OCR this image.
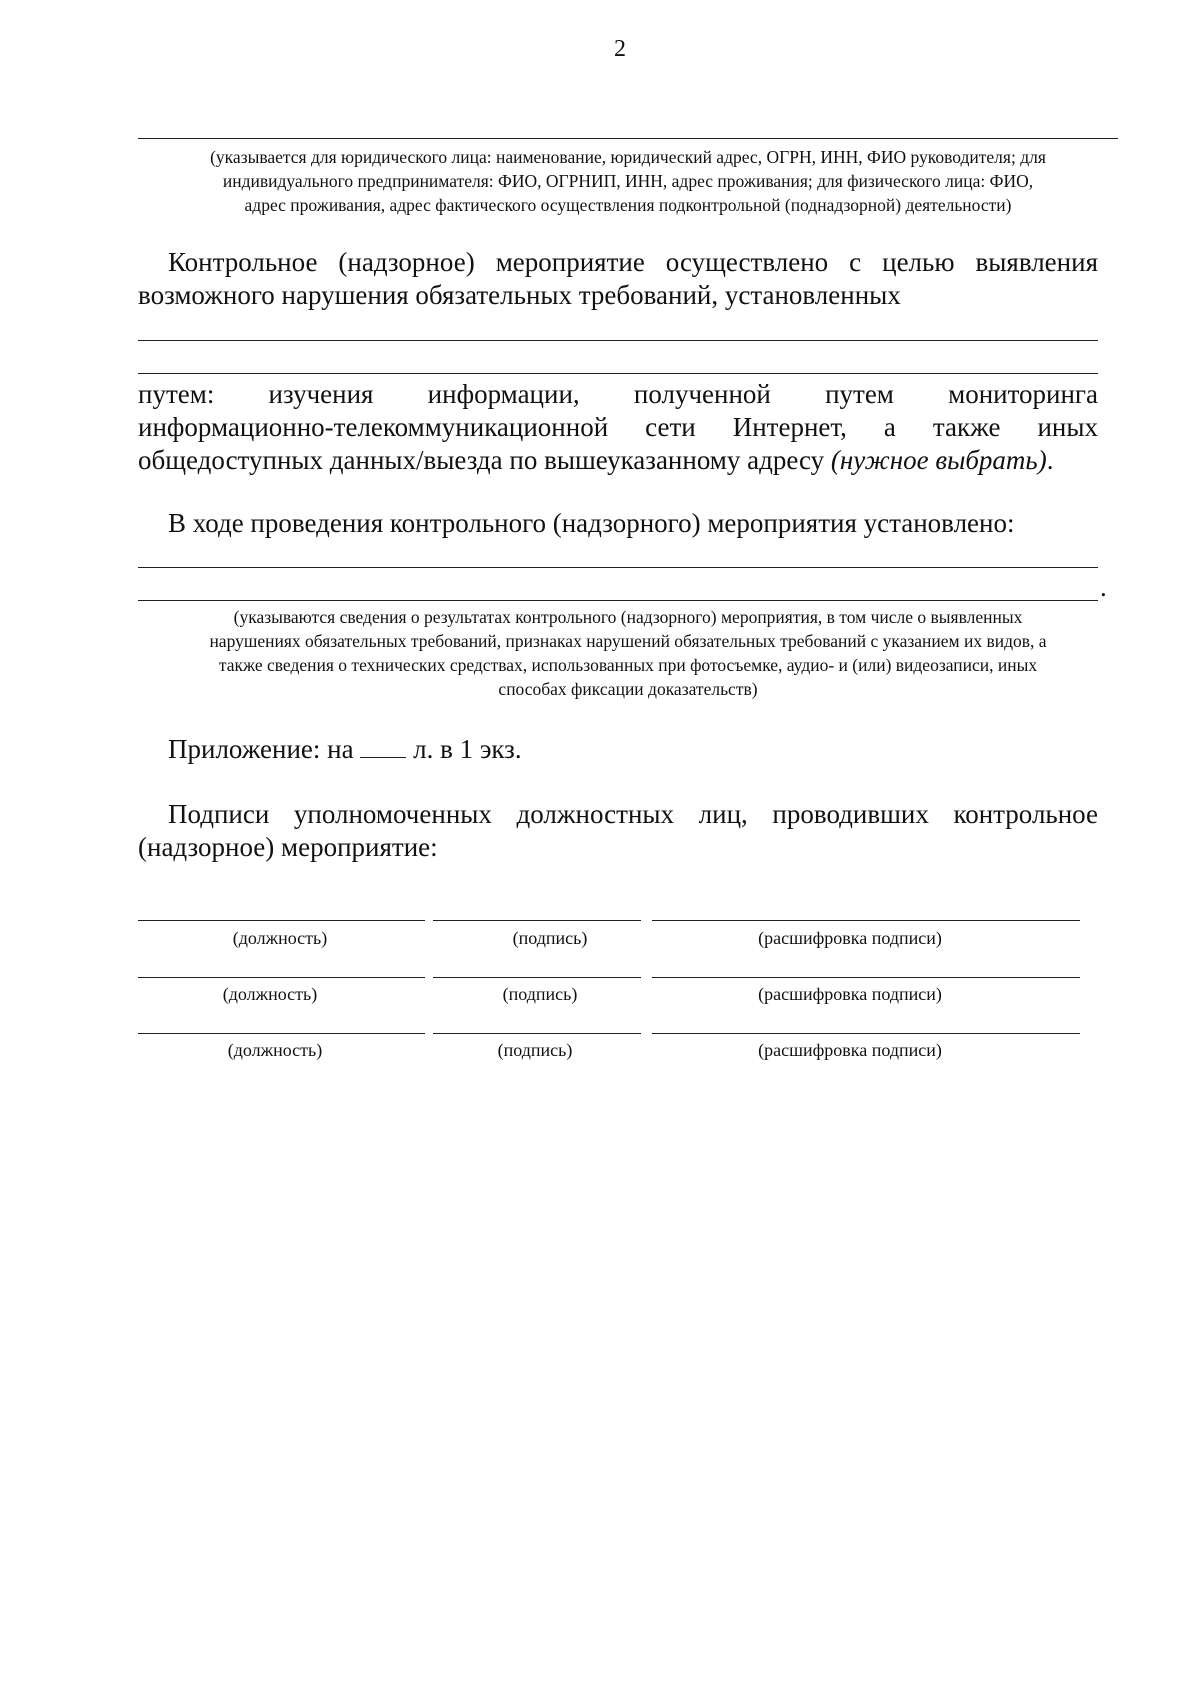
2
(указывается для юридического лица: наименование, юридический адрес, ОГРН, ИНН, ФИО руководителя; для
индивидуального предпринимателя: ФИО, ОГРНИП, ИНН, адрес проживания; для физического лица: ФИО,
адрес проживания, адрес фактического осуществления подконтрольной (поднадзорной) деятельности)
Контрольное (надзорное) мероприятие осуществлено с целью выявления
возможного нарушения обязательных требований, установленных
путем: изучения информации, полученной путем мониторинга
информационно-телекоммуникационной сети Интернет, а также иных
общедоступных данных/выезда по вышеуказанному адресу (нужное выбрать).
В ходе проведения контрольного (надзорного) мероприятия установлено:
.
(указываются сведения о результатах контрольного (надзорного) мероприятия, в том числе о выявленных
нарушениях обязательных требований, признаках нарушений обязательных требований с указанием их видов, а
также сведения о технических средствах, использованных при фотосъемке, аудио- и (или) видеозаписи, иных
способах фиксации доказательств)
Приложение: на л. в 1 экз.
Подписи уполномоченных должностных лиц, проводивших контрольное
(надзорное) мероприятие:
(должность)	(подпись)	(расшифровка подписи)
(должность)	(подпись)	(расшифровка подписи)
(должность)	(подпись)	(расшифровка подписи)
